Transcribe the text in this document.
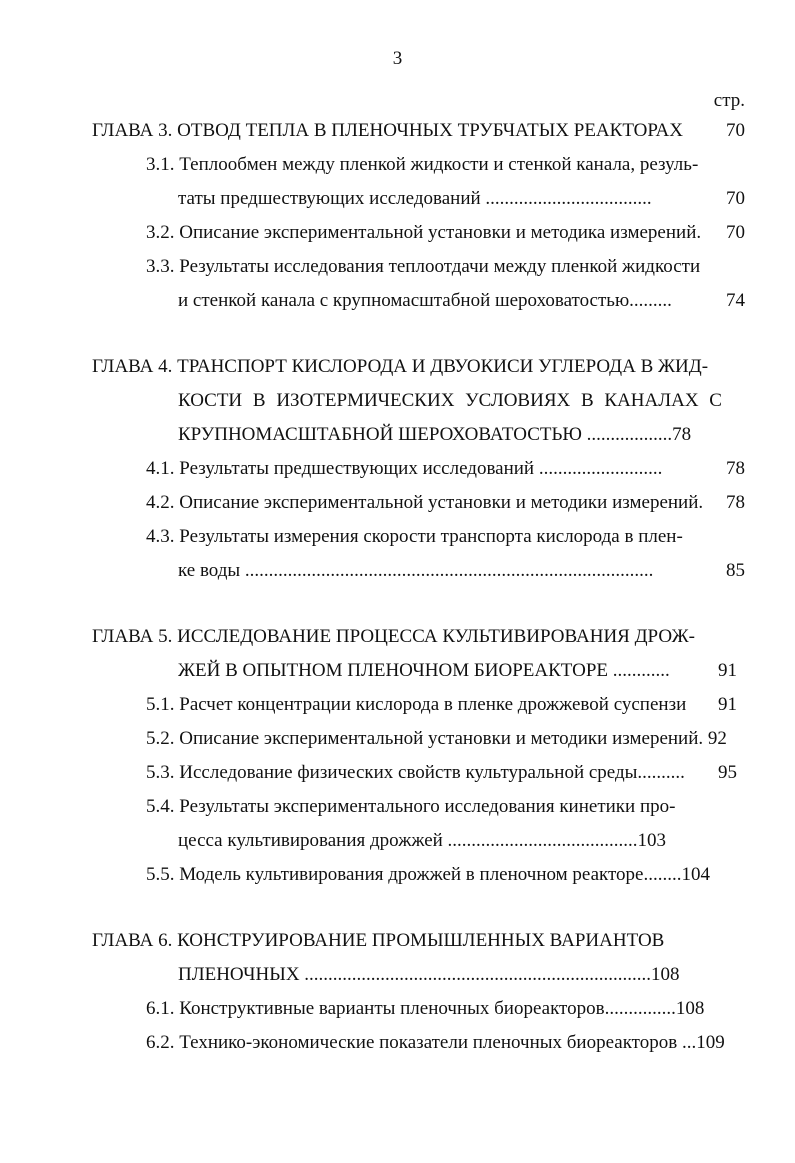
3
стр.
ГЛАВА 3. ОТВОД ТЕПЛА В ПЛЕНОЧНЫХ ТРУБЧАТЫХ РЕАКТОРАХ 70
3.1. Теплообмен между пленкой жидкости и стенкой канала, резуль-
таты предшествующих исследований ...................................	70
3.2. Описание экспериментальной установки и методика измерений. 70
3.3. Результаты исследования теплоотдачи между пленкой жидкости
и стенкой канала с крупномасштабной шероховатостью.........	74
ГЛАВА 4. ТРАНСПОРТ КИСЛОРОДА И ДВУОКИСИ УГЛЕРОДА В ЖИД-
КОСТИ В ИЗОТЕРМИЧЕСКИХ УСЛОВИЯХ В КАНАЛАХ С
КРУПНОМАСШТАБНОЙ ШЕРОХОВАТОСТЬЮ ..................78
4.1. Результаты предшествующих исследований ..........................	78
4.2. Описание экспериментальной установки и методики измерений. 78
4.3. Результаты измерения скорости транспорта кислорода в плен-
ке воды ......................................................................................	85
ГЛАВА 5. ИССЛЕДОВАНИЕ ПРОЦЕССА КУЛЬТИВИРОВАНИЯ ДРОЖ-
ЖЕЙ В ОПЫТНОМ ПЛЕНОЧНОМ БИОРЕАКТОРЕ ............	91
5.1. Расчет концентрации кислорода в пленке дрожжевой суспензи 91
5.2. Описание экспериментальной установки и методики измерений. 92
5.3. Исследование физических свойств культуральной среды.......... 95
5.4. Результаты экспериментального исследования кинетики про-
цесса культивирования дрожжей ........................................103
5.5. Модель культивирования дрожжей в пленочном реакторе........104
ГЛАВА 6. КОНСТРУИРОВАНИЕ ПРОМЫШЛЕННЫХ ВАРИАНТОВ
ПЛЕНОЧНЫХ .........................................................................108
6.1. Конструктивные варианты пленочных биореакторов...............108
6.2. Технико-экономические показатели пленочных биореакторов ...109
